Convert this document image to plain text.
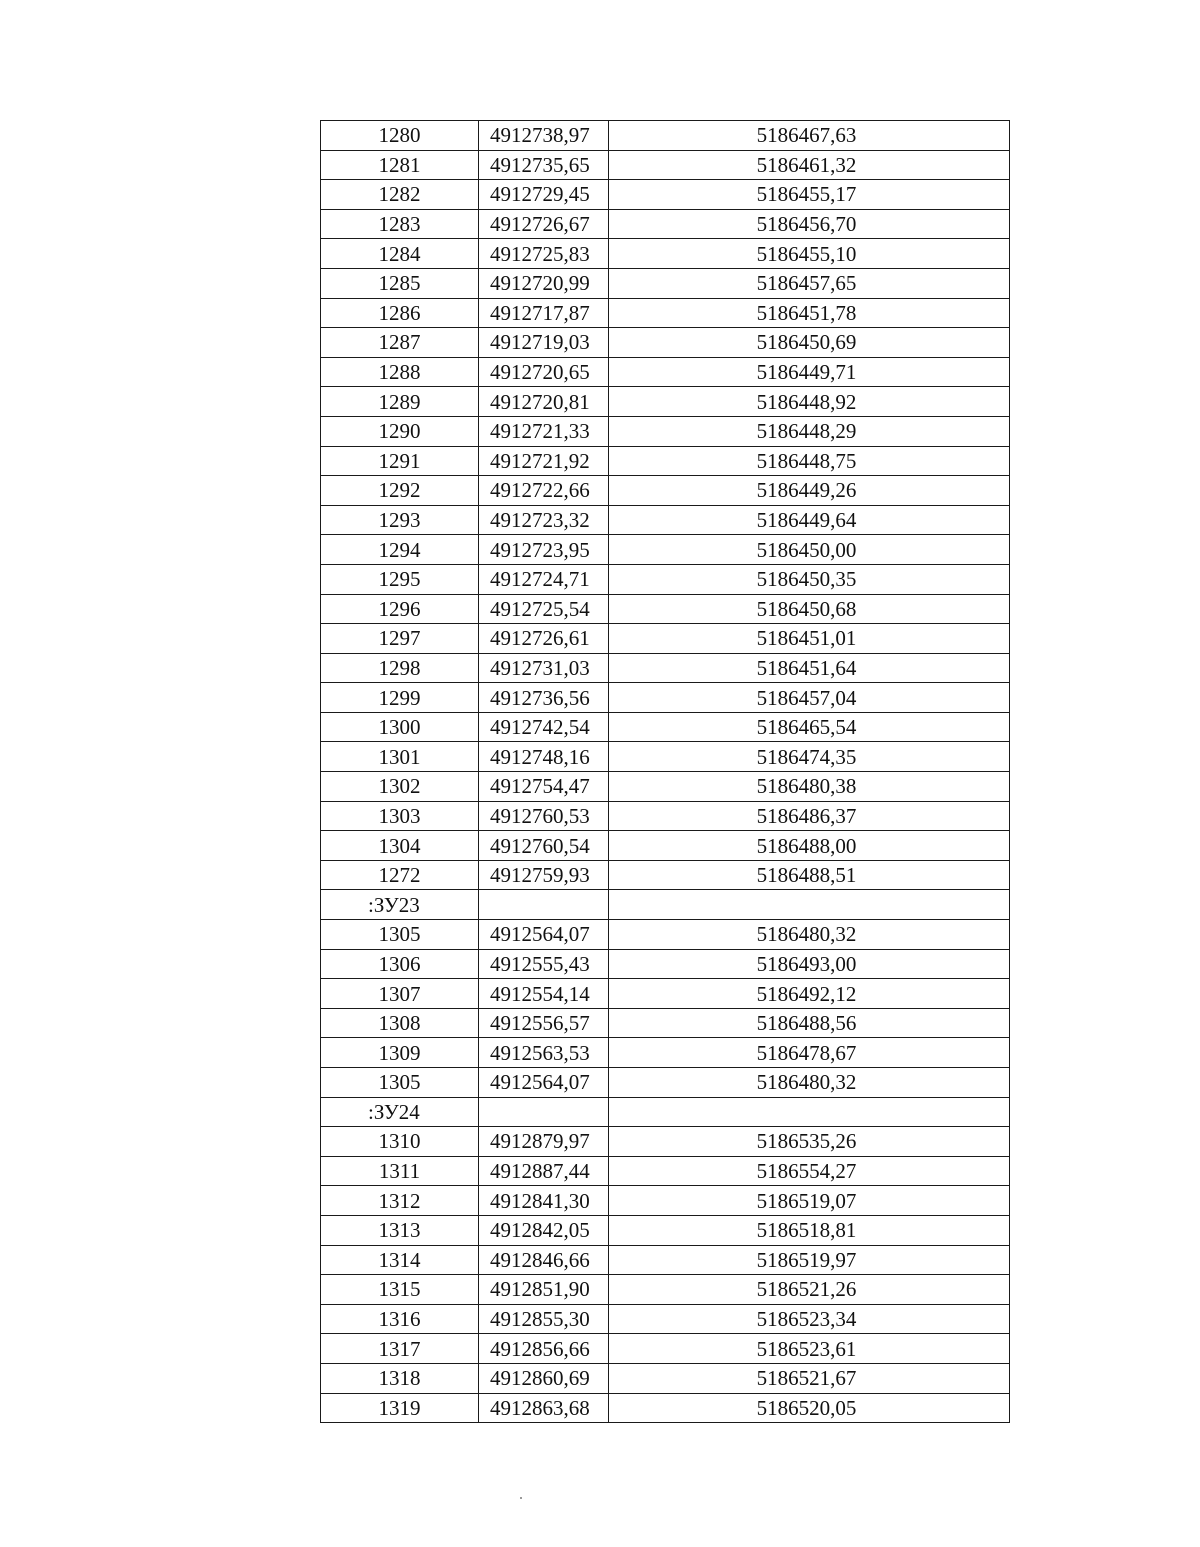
1280	4912738,97	5186467,63
1281	4912735,65	5186461,32
1282	4912729,45	5186455,17
1283	4912726,67	5186456,70
1284	4912725,83	5186455,10
1285	4912720,99	5186457,65
1286	4912717,87	5186451,78
1287	4912719,03	5186450,69
1288	4912720,65	5186449,71
1289	4912720,81	5186448,92
1290	4912721,33	5186448,29
1291	4912721,92	5186448,75
1292	4912722,66	5186449,26
1293	4912723,32	5186449,64
1294	4912723,95	5186450,00
1295	4912724,71	5186450,35
1296	4912725,54	5186450,68
1297	4912726,61	5186451,01
1298	4912731,03	5186451,64
1299	4912736,56	5186457,04
1300	4912742,54	5186465,54
1301	4912748,16	5186474,35
1302	4912754,47	5186480,38
1303	4912760,53	5186486,37
1304	4912760,54	5186488,00
1272	4912759,93	5186488,51
:ЗУ23		
1305	4912564,07	5186480,32
1306	4912555,43	5186493,00
1307	4912554,14	5186492,12
1308	4912556,57	5186488,56
1309	4912563,53	5186478,67
1305	4912564,07	5186480,32
:ЗУ24		
1310	4912879,97	5186535,26
1311	4912887,44	5186554,27
1312	4912841,30	5186519,07
1313	4912842,05	5186518,81
1314	4912846,66	5186519,97
1315	4912851,90	5186521,26
1316	4912855,30	5186523,34
1317	4912856,66	5186523,61
1318	4912860,69	5186521,67
1319	4912863,68	5186520,05
